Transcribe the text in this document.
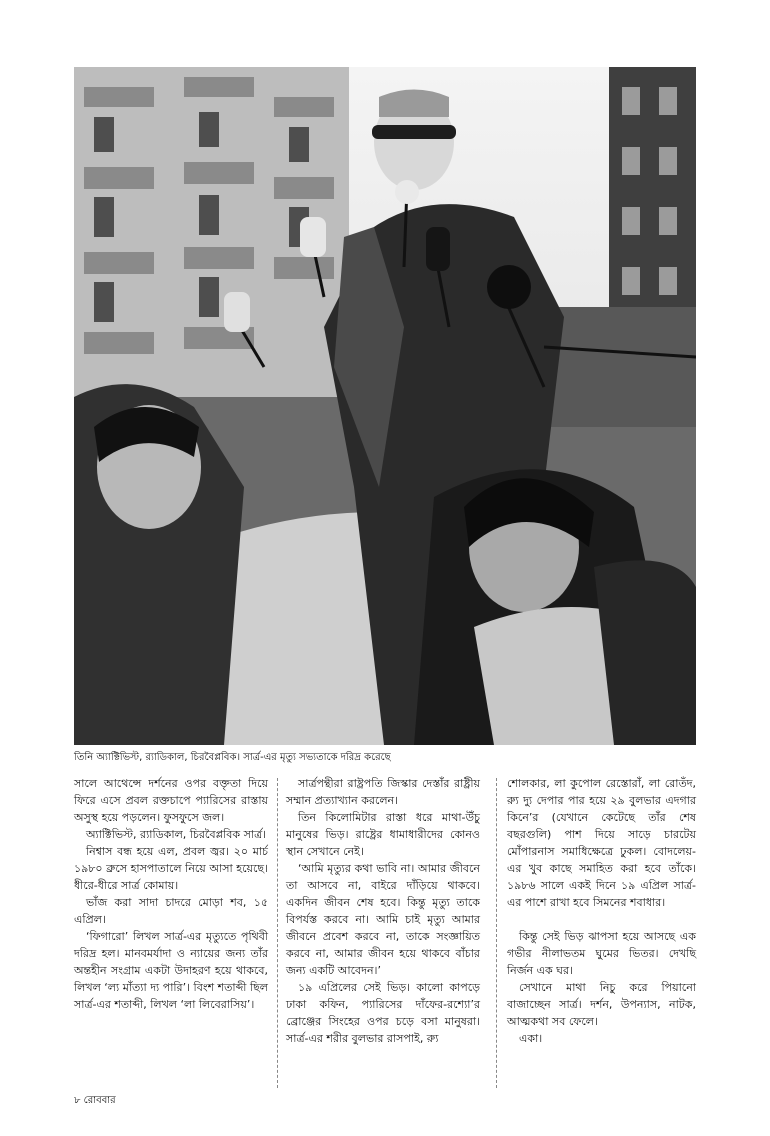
তিনি অ্যাক্টিভিস্ট, র‍্যাডিকাল, চিরবৈপ্লবিক। সার্ত্র-এর মৃত্যু সভ্যতাকে দরিদ্র করেছে

সালে আথেন্সে দর্শনের ওপর বক্তৃতা দিয়ে ফিরে এসে প্রবল রক্তচাপে প্যারিসের রাস্তায় অসুস্থ হয়ে পড়লেন। ফুসফুসে জল।

অ্যাক্টিভিস্ট, র‍্যাডিকাল, চিরবৈপ্লবিক সার্ত্র।

নিশ্বাস বন্ধ হয়ে এল, প্রবল জ্বর। ২০ মার্চ ১৯৮০ ব্রুসে হাসপাতালে নিয়ে আসা হয়েছে। ধীরে-ধীরে সার্ত্র কোমায়।

ভাঁজ করা সাদা চাদরে মোড়া শব, ১৫ এপ্রিল।

‘ফিগারো’ লিখল সার্ত্র-এর মৃত্যুতে পৃথিবী দরিদ্র হল। মানবমর্যাদা ও ন্যায়ের জন্য তাঁর অন্তহীন সংগ্রাম একটা উদাহরণ হয়ে থাকবে, লিখল ‘ল্য মাঁত্যা দ্য পারি’। বিংশ শতাব্দী ছিল সার্ত্র-এর শতাব্দী, লিখল ‘লা লিবেরাসিয়’।

সার্ত্রপন্থীরা রাষ্ট্রপতি জিস্কার দেস্তাঁর রাষ্ট্রীয় সম্মান প্রত্যাখ্যান করলেন।

তিন কিলোমিটার রাস্তা ধরে মাথা-উঁচু মানুষের ভিড়। রাষ্ট্রের ধামাধারীদের কোনও স্থান সেখানে নেই।

‘আমি মৃত্যুর কথা ভাবি না। আমার জীবনে তা আসবে না, বাইরে দাঁড়িয়ে থাকবে। একদিন জীবন শেষ হবে। কিন্তু মৃত্যু তাকে বিপর্যস্ত করবে না। আমি চাই মৃত্যু আমার জীবনে প্রবেশ করবে না, তাকে সংজ্ঞায়িত করবে না, আমার জীবন হয়ে থাকবে বাঁচার জন্য একটি আবেদন।’

১৯ এপ্রিলের সেই ভিড়। কালো কাপড়ে ঢাকা কফিন, প্যারিসের দাঁফের-রশ্যো’র ব্রোঞ্জের সিংহের ওপর চড়ে বসা মানুষরা। সার্ত্র-এর শরীর বুলভার রাসপাই, র‍্যু

শোলকার, লা কুপোল রেস্তোরাঁ, লা রোতঁদ, র‍্যু দ্যু দেপার পার হয়ে ২৯ বুলভার এদগার কিনে’র (যেখানে কেটেছে তাঁর শেষ বছরগুলি) পাশ দিয়ে সাড়ে চারটেয় মোঁপারনাস সমাধিক্ষেত্রে ঢুকল। বোদলেয়-এর খুব কাছে সমাহিত করা হবে তাঁকে। ১৯৮৬ সালে একই দিনে ১৯ এপ্রিল সার্ত্র-এর পাশে রাখা হবে সিমনের শবাধার।

কিন্তু সেই ভিড় ঝাপসা হয়ে আসছে এক গভীর নীলাভতম ঘুমের ভিতর। দেখছি নির্জন এক ঘর।

সেখানে মাথা নিচু করে পিয়ানো বাজাচ্ছেন সার্ত্র। দর্শন, উপন্যাস, নাটক, আত্মকথা সব ফেলে।

একা।

৮ রোববার
